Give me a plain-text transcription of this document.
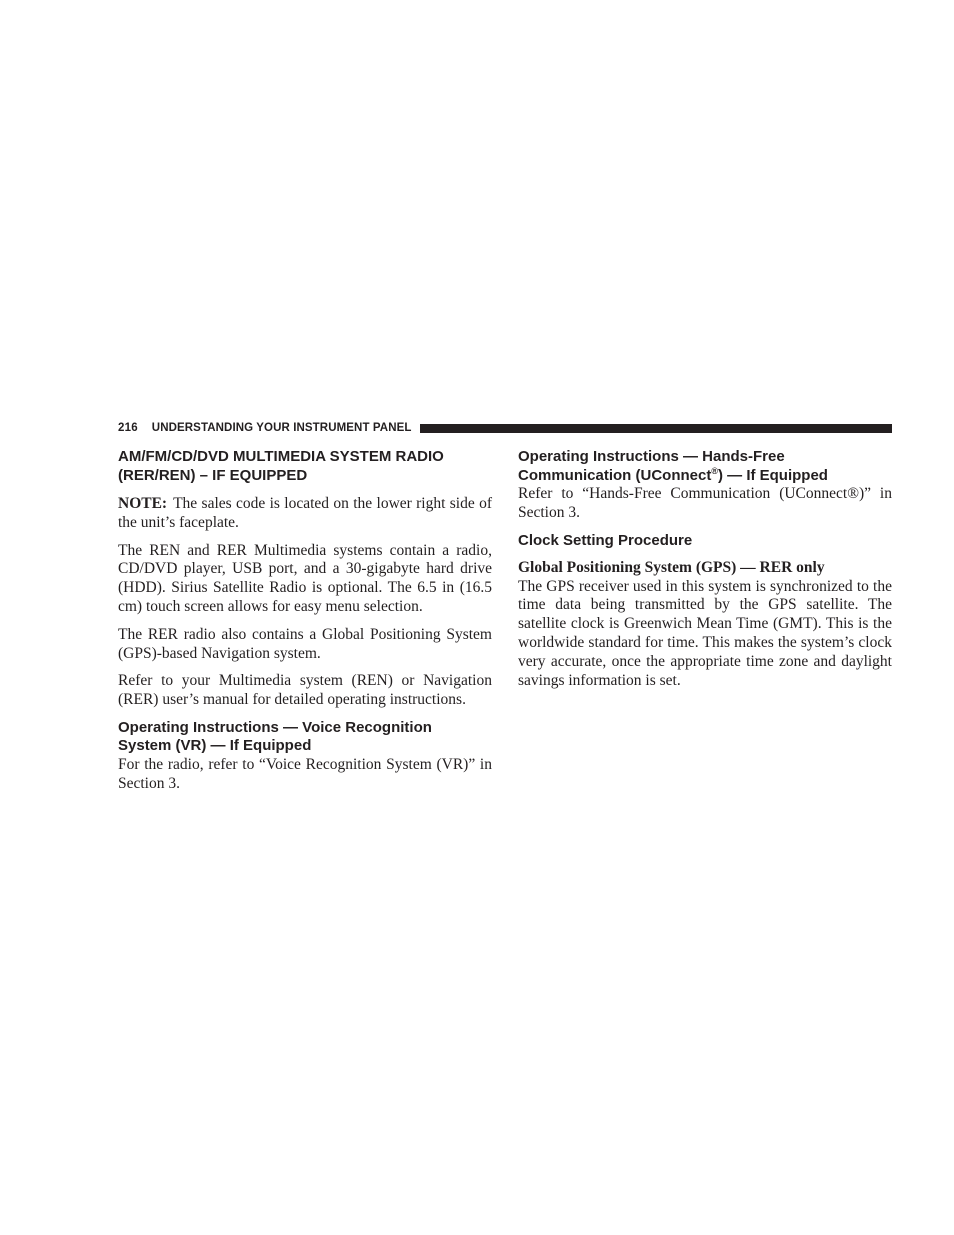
216 UNDERSTANDING YOUR INSTRUMENT PANEL
AM/FM/CD/DVD MULTIMEDIA SYSTEM RADIO
(RER/REN) – IF EQUIPPED

NOTE: The sales code is located on the lower right side of the unit’s faceplate.

The REN and RER Multimedia systems contain a radio, CD/DVD player, USB port, and a 30-gigabyte hard drive (HDD). Sirius Satellite Radio is optional. The 6.5 in (16.5 cm) touch screen allows for easy menu selection.

The RER radio also contains a Global Positioning System (GPS)-based Navigation system.

Refer to your Multimedia system (REN) or Navigation (RER) user’s manual for detailed operating instructions.

Operating Instructions — Voice Recognition
System (VR) — If Equipped

For the radio, refer to “Voice Recognition System (VR)” in Section 3.

Operating Instructions — Hands-Free
Communication (UConnect®) — If Equipped

Refer to “Hands-Free Communication (UConnect®)” in Section 3.

Clock Setting Procedure
Global Positioning System (GPS) — RER only

The GPS receiver used in this system is synchronized to the time data being transmitted by the GPS satellite. The satellite clock is Greenwich Mean Time (GMT). This is the worldwide standard for time. This makes the system’s clock very accurate, once the appropriate time zone and daylight savings information is set.
